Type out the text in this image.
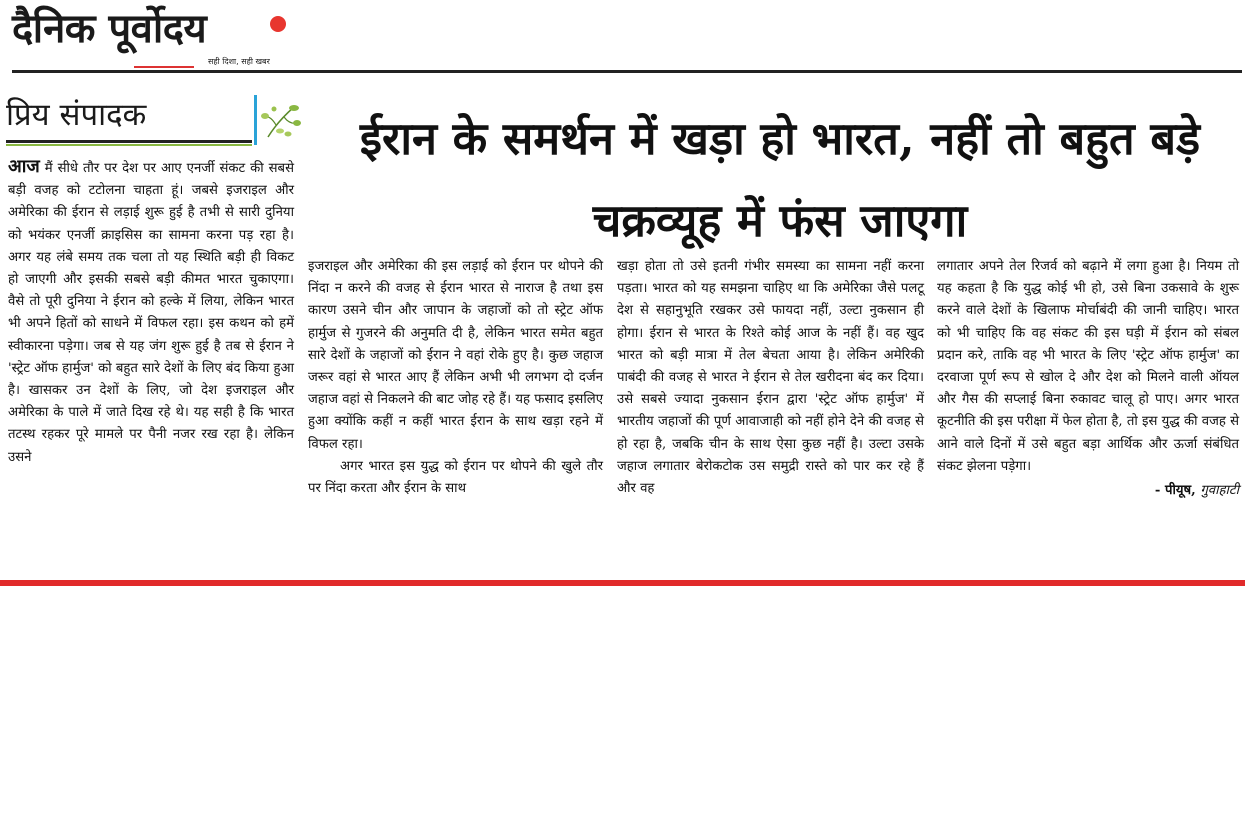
दैनिक पूर्वोदय
सही दिशा, सही खबर
प्रिय संपादक	ईरान के समर्थन में खड़ा हो भारत, नहीं तो बहुत बड़े चक्रव्यूह में फंस जाएगा

आज मैं सीधे तौर पर देश पर आए एनर्जी संकट की सबसे बड़ी वजह को टटोलना चाहता हूं। जबसे इजराइल और अमेरिका की ईरान से लड़ाई शुरू हुई है तभी से सारी दुनिया को भयंकर एनर्जी क्राइसिस का सामना करना पड़ रहा है। अगर यह लंबे समय तक चला तो यह स्थिति बड़ी ही विकट हो जाएगी और इसकी सबसे बड़ी कीमत भारत चुकाएगा। वैसे तो पूरी दुनिया ने ईरान को हल्के में लिया, लेकिन भारत भी अपने हितों को साधने में विफल रहा। इस कथन को हमें स्वीकारना पड़ेगा। जब से यह जंग शुरू हुई है तब से ईरान ने 'स्ट्रेट ऑफ हार्मुज' को बहुत सारे देशों के लिए बंद किया हुआ है। खासकर उन देशों के लिए, जो देश इजराइल और अमेरिका के पाले में जाते दिख रहे थे। यह सही है कि भारत तटस्थ रहकर पूरे मामले पर पैनी नजर रख रहा है। लेकिन उसने

इजराइल और अमेरिका की इस लड़ाई को ईरान पर थोपने की निंदा न करने की वजह से ईरान भारत से नाराज है तथा इस कारण उसने चीन और जापान के जहाजों को तो स्ट्रेट ऑफ हार्मुज से गुजरने की अनुमति दी है, लेकिन भारत समेत बहुत सारे देशों के जहाजों को ईरान ने वहां रोके हुए है। कुछ जहाज जरूर वहां से भारत आए हैं लेकिन अभी भी लगभग दो दर्जन जहाज वहां से निकलने की बाट जोह रहे हैं। यह फसाद इसलिए हुआ क्योंकि कहीं न कहीं भारत ईरान के साथ खड़ा रहने में विफल रहा।

अगर भारत इस युद्ध को ईरान पर थोपने की खुले तौर पर निंदा करता और ईरान के साथ

खड़ा होता तो उसे इतनी गंभीर समस्या का सामना नहीं करना पड़ता। भारत को यह समझना चाहिए था कि अमेरिका जैसे पलटू देश से सहानुभूति रखकर उसे फायदा नहीं, उल्टा नुकसान ही होगा। ईरान से भारत के रिश्ते कोई आज के नहीं हैं। वह खुद भारत को बड़ी मात्रा में तेल बेचता आया है। लेकिन अमेरिकी पाबंदी की वजह से भारत ने ईरान से तेल खरीदना बंद कर दिया। उसे सबसे ज्यादा नुकसान ईरान द्वारा 'स्ट्रेट ऑफ हार्मुज' में भारतीय जहाजों की पूर्ण आवाजाही को नहीं होने देने की वजह से हो रहा है, जबकि चीन के साथ ऐसा कुछ नहीं है। उल्टा उसके जहाज लगातार बेरोकटोक उस समुद्री रास्ते को पार कर रहे हैं और वह

लगातार अपने तेल रिजर्व को बढ़ाने में लगा हुआ है। नियम तो यह कहता है कि युद्ध कोई भी हो, उसे बिना उकसावे के शुरू करने वाले देशों के खिलाफ मोर्चाबंदी की जानी चाहिए। भारत को भी चाहिए कि वह संकट की इस घड़ी में ईरान को संबल प्रदान करे, ताकि वह भी भारत के लिए 'स्ट्रेट ऑफ हार्मुज' का दरवाजा पूर्ण रूप से खोल दे और देश को मिलने वाली ऑयल और गैस की सप्लाई बिना रुकावट चालू हो पाए। अगर भारत कूटनीति की इस परीक्षा में फेल होता है, तो इस युद्ध की वजह से आने वाले दिनों में उसे बहुत बड़ा आर्थिक और ऊर्जा संबंधित संकट झेलना पड़ेगा।

- पीयूष, गुवाहाटी
